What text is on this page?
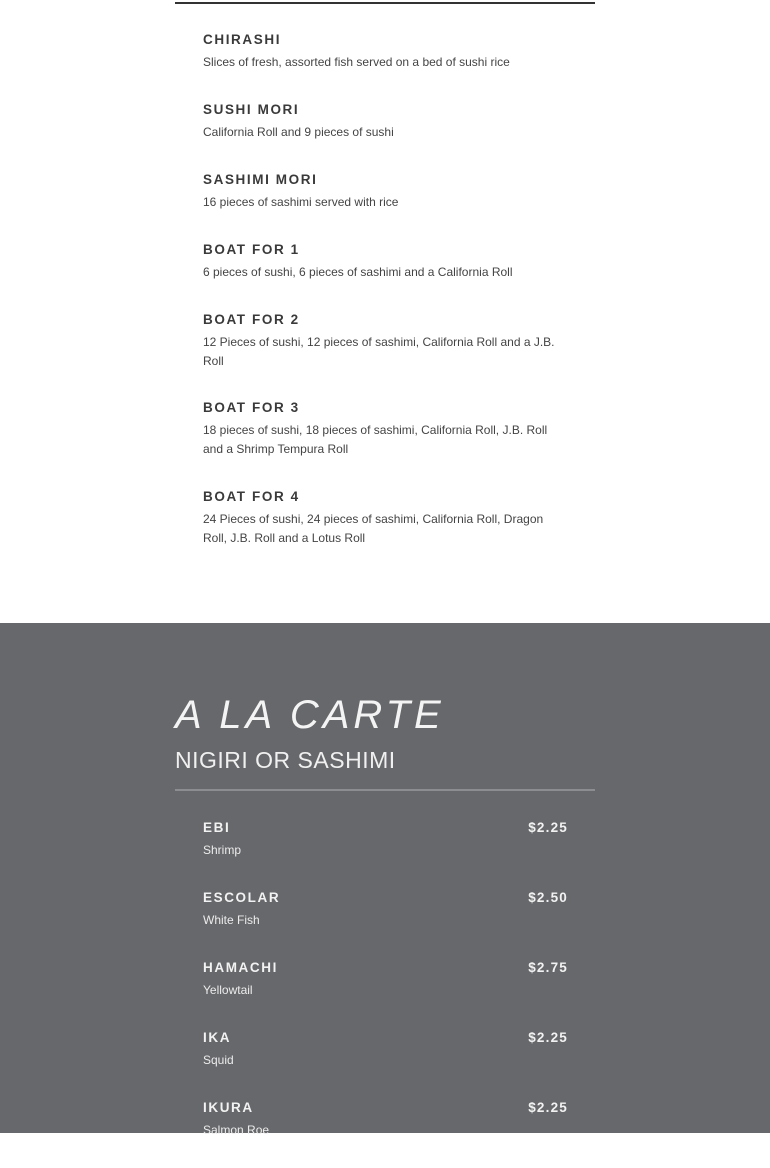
CHIRASHI
Slices of fresh, assorted fish served on a bed of sushi rice
SUSHI MORI
California Roll and 9 pieces of sushi
SASHIMI MORI
16 pieces of sashimi served with rice
BOAT FOR 1
6 pieces of sushi, 6 pieces of sashimi and a California Roll
BOAT FOR 2
12 Pieces of sushi, 12 pieces of sashimi, California Roll and a J.B. Roll
BOAT FOR 3
18 pieces of sushi, 18 pieces of sashimi, California Roll, J.B. Roll and a Shrimp Tempura Roll
BOAT FOR 4
24 Pieces of sushi, 24 pieces of sashimi, California Roll, Dragon Roll, J.B. Roll and a Lotus Roll
A LA CARTE
NIGIRI OR SASHIMI
EBI	$2.25
Shrimp
ESCOLAR	$2.50
White Fish
HAMACHI	$2.75
Yellowtail
IKA	$2.25
Squid
IKURA	$2.25
Salmon Roe
